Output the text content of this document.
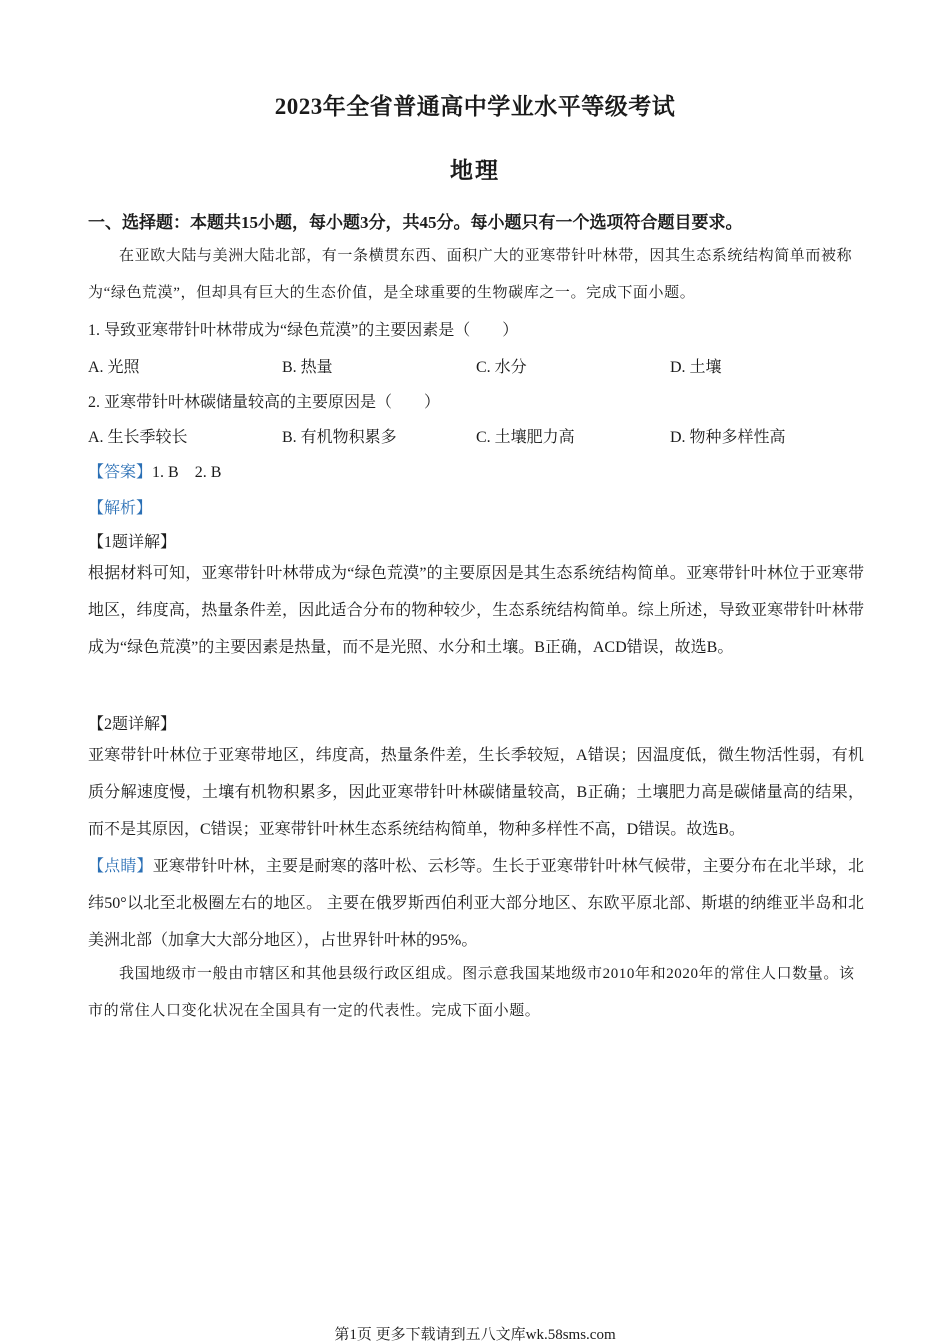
2023年全省普通高中学业水平等级考试
地理
一、选择题：本题共15小题，每小题3分，共45分。每小题只有一个选项符合题目要求。

在亚欧大陆与美洲大陆北部，有一条横贯东西、面积广大的亚寒带针叶林带，因其生态系统结构简单而被称为“绿色荒漠”，但却具有巨大的生态价值，是全球重要的生物碳库之一。完成下面小题。

1. 导致亚寒带针叶林带成为“绿色荒漠”的主要因素是（　　）
A. 光照	B. 热量	C. 水分	D. 土壤
2. 亚寒带针叶林碳储量较高的主要原因是（　　）
A. 生长季较长	B. 有机物积累多	C. 土壤肥力高	D. 物种多样性高
【答案】1. B　2. B
【解析】
【1题详解】

根据材料可知，亚寒带针叶林带成为“绿色荒漠”的主要原因是其生态系统结构简单。亚寒带针叶林位于亚寒带地区，纬度高，热量条件差，因此适合分布的物种较少，生态系统结构简单。综上所述，导致亚寒带针叶林带成为“绿色荒漠”的主要因素是热量，而不是光照、水分和土壤。B正确，ACD错误，故选B。

【2题详解】

亚寒带针叶林位于亚寒带地区，纬度高，热量条件差，生长季较短，A错误；因温度低，微生物活性弱，有机质分解速度慢，土壤有机物积累多，因此亚寒带针叶林碳储量较高，B正确；土壤肥力高是碳储量高的结果，而不是其原因，C错误；亚寒带针叶林生态系统结构简单，物种多样性不高，D错误。故选B。

【点睛】亚寒带针叶林，主要是耐寒的落叶松、云杉等。生长于亚寒带针叶林气候带，主要分布在北半球，北纬50°以北至北极圈左右的地区。 主要在俄罗斯西伯利亚大部分地区、东欧平原北部、斯堪的纳维亚半岛和北美洲北部（加拿大大部分地区），占世界针叶林的95%。

我国地级市一般由市辖区和其他县级行政区组成。图示意我国某地级市2010年和2020年的常住人口数量。该市的常住人口变化状况在全国具有一定的代表性。完成下面小题。

第1页 更多下载请到五八文库wk.58sms.com
